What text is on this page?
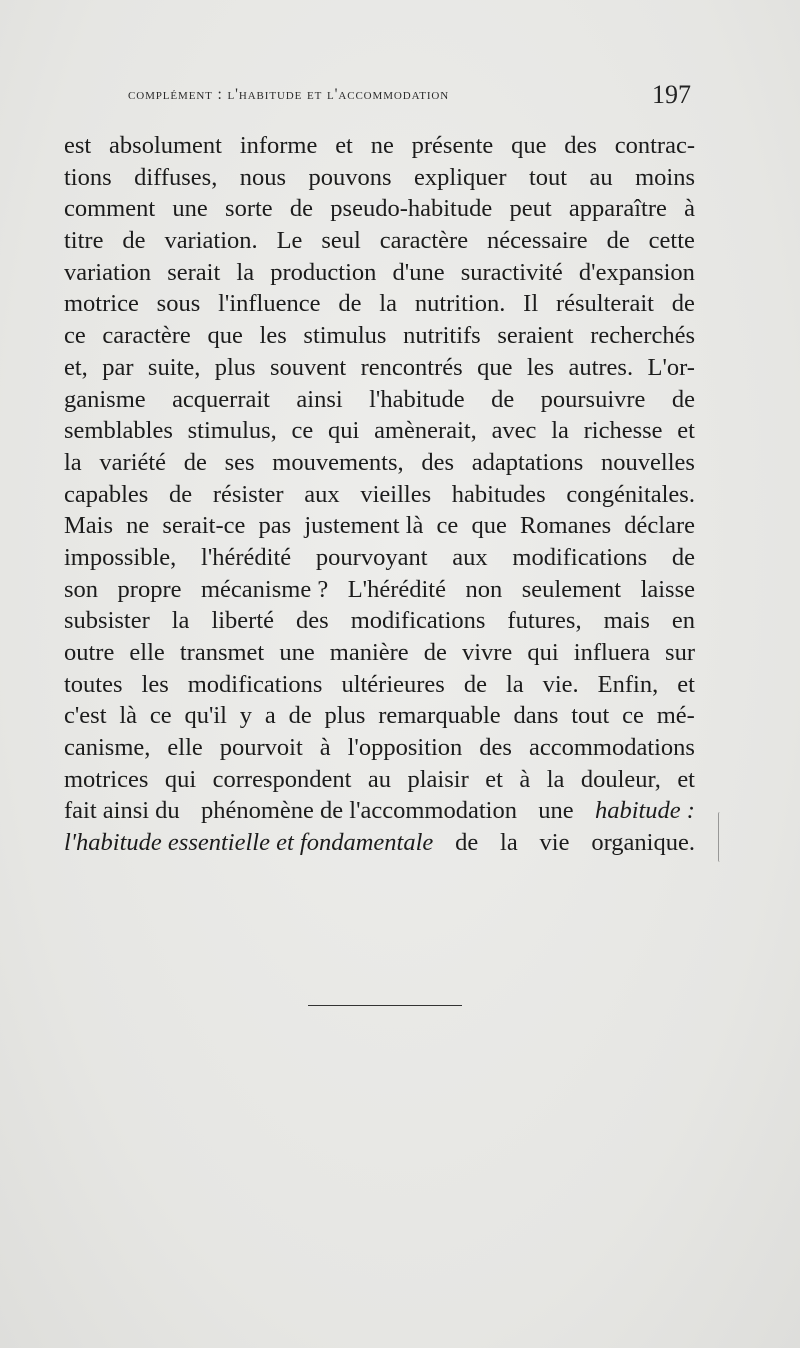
complément : l'habitude et l'accommodation	197
est absolument informe et ne présente que des contrac-
tions diffuses, nous pouvons expliquer tout au moins
comment une sorte de pseudo-habitude peut apparaître à
titre de variation. Le seul caractère nécessaire de cette
variation serait la production d'une suractivité d'expansion
motrice sous l'influence de la nutrition. Il résulterait de
ce caractère que les stimulus nutritifs seraient recherchés
et, par suite, plus souvent rencontrés que les autres. L'or-
ganisme acquerrait ainsi l'habitude de poursuivre de
semblables stimulus, ce qui amènerait, avec la richesse et
la variété de ses mouvements, des adaptations nouvelles
capables de résister aux vieilles habitudes congénitales.
Mais ne serait-ce pas justement là ce que Romanes déclare
impossible, l'hérédité pourvoyant aux modifications de
son propre mécanisme ? L'hérédité non seulement laisse
subsister la liberté des modifications futures, mais en
outre elle transmet une manière de vivre qui influera sur
toutes les modifications ultérieures de la vie. Enfin, et
c'est là ce qu'il y a de plus remarquable dans tout ce mé-
canisme, elle pourvoit à l'opposition des accommodations
motrices qui correspondent au plaisir et à la douleur, et
fait ainsi du phénomène de l'accommodation une habitude :
l'habitude essentielle et fondamentale de la vie organique.
